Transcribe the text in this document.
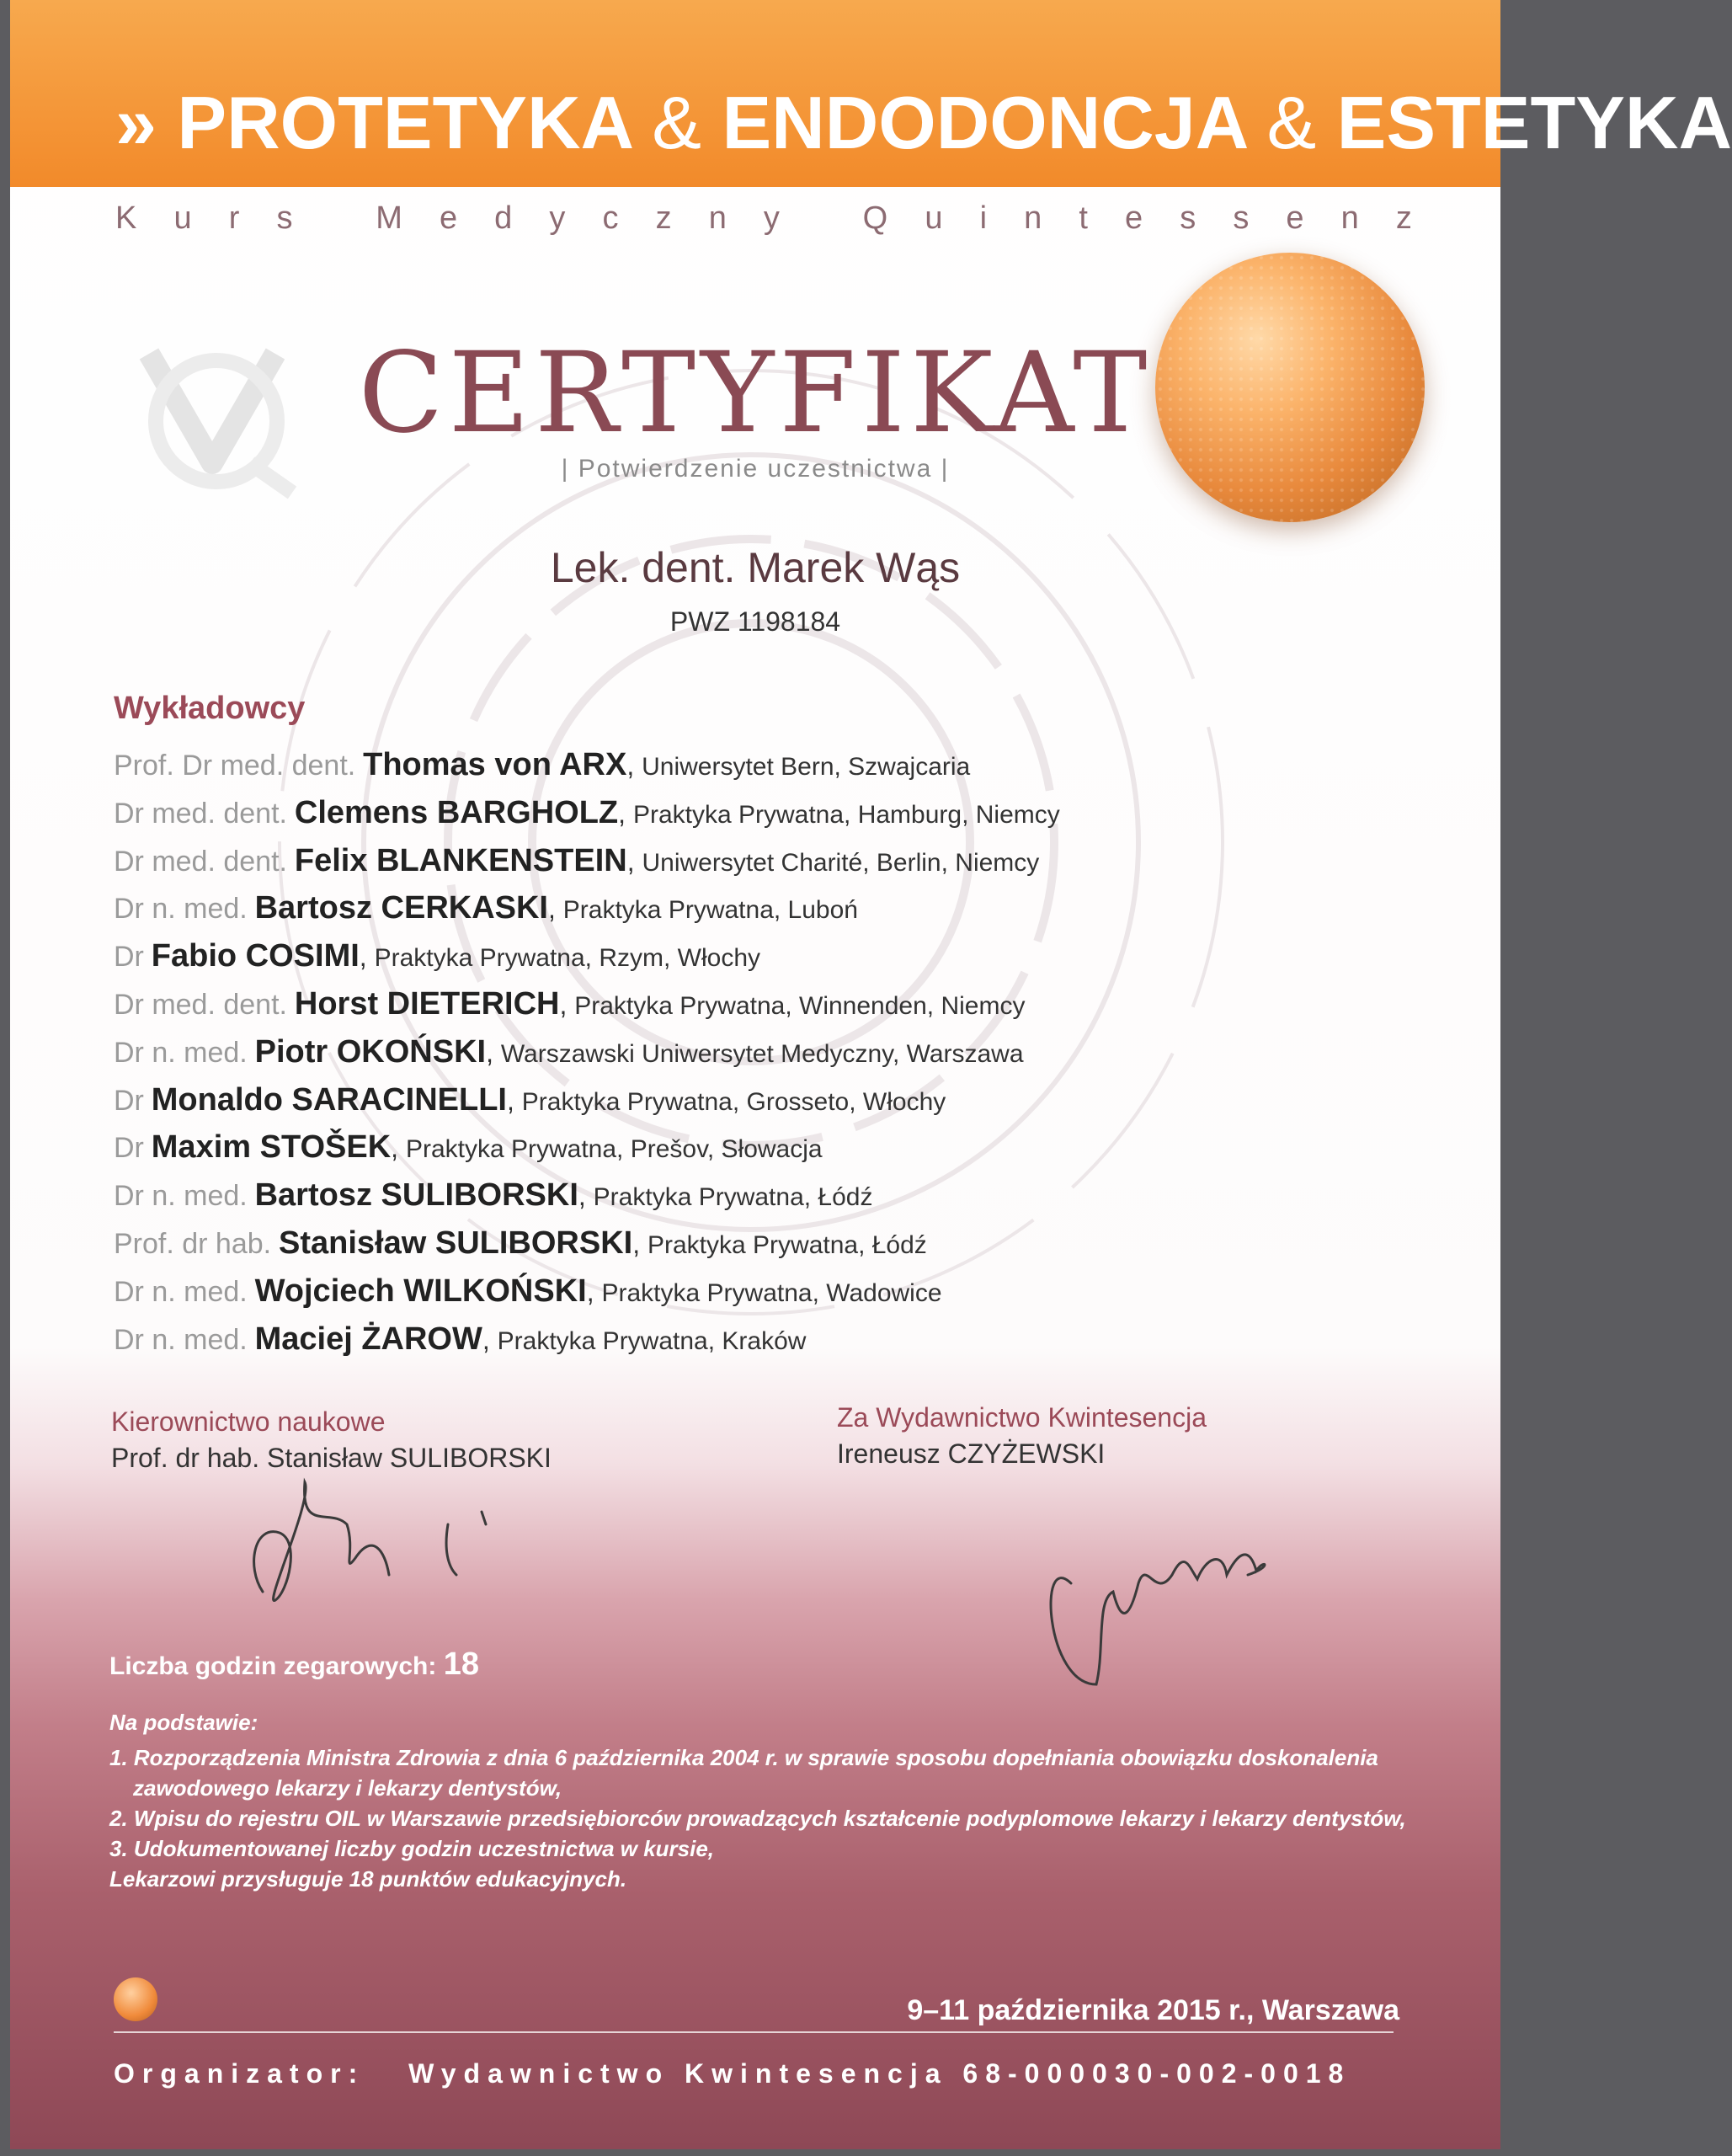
» PROTETYKA & ENDODONCJA & ESTETYKA
K u r s
	M e d y c z n y
	Q u i n t e s s e n z
CERTYFIKAT
| Potwierdzenie uczestnictwa |
Lek. dent. Marek Wąs
PWZ 1198184
Wykładowcy
Prof. Dr med. dent. Thomas von ARX, Uniwersytet Bern, Szwajcaria
Dr med. dent. Clemens BARGHOLZ, Praktyka Prywatna, Hamburg, Niemcy
Dr med. dent. Felix BLANKENSTEIN, Uniwersytet Charité, Berlin, Niemcy
Dr n. med. Bartosz CERKASKI, Praktyka Prywatna, Luboń
Dr Fabio COSIMI, Praktyka Prywatna, Rzym, Włochy
Dr med. dent. Horst DIETERICH, Praktyka Prywatna, Winnenden, Niemcy
Dr n. med. Piotr OKOŃSKI, Warszawski Uniwersytet Medyczny, Warszawa
Dr Monaldo SARACINELLI, Praktyka Prywatna, Grosseto, Włochy
Dr Maxim STOŠEK, Praktyka Prywatna, Prešov, Słowacja
Dr n. med. Bartosz SULIBORSKI, Praktyka Prywatna, Łódź
Prof. dr hab. Stanisław SULIBORSKI, Praktyka Prywatna, Łódź
Dr n. med. Wojciech WILKOŃSKI, Praktyka Prywatna, Wadowice
Dr n. med. Maciej ŻAROW, Praktyka Prywatna, Kraków
Kierownictwo naukowe
Prof. dr hab. Stanisław SULIBORSKI
Za Wydawnictwo Kwintesencja
Ireneusz CZYŻEWSKI
Liczba godzin zegarowych: 18
Na podstawie:
1. Rozporządzenia Ministra Zdrowia z dnia 6 października 2004 r. w sprawie sposobu dopełniania obowiązku doskonalenia zawodowego lekarzy i lekarzy dentystów,
2. Wpisu do rejestru OIL w Warszawie przedsiębiorców prowadzących kształcenie podyplomowe lekarzy i lekarzy dentystów,
3. Udokumentowanej liczby godzin uczestnictwa w kursie,
Lekarzowi przysługuje 18 punktów edukacyjnych.
9–11 października 2015 r., Warszawa
Organizator: Wydawnictwo Kwintesencja 68-000030-002-0018
